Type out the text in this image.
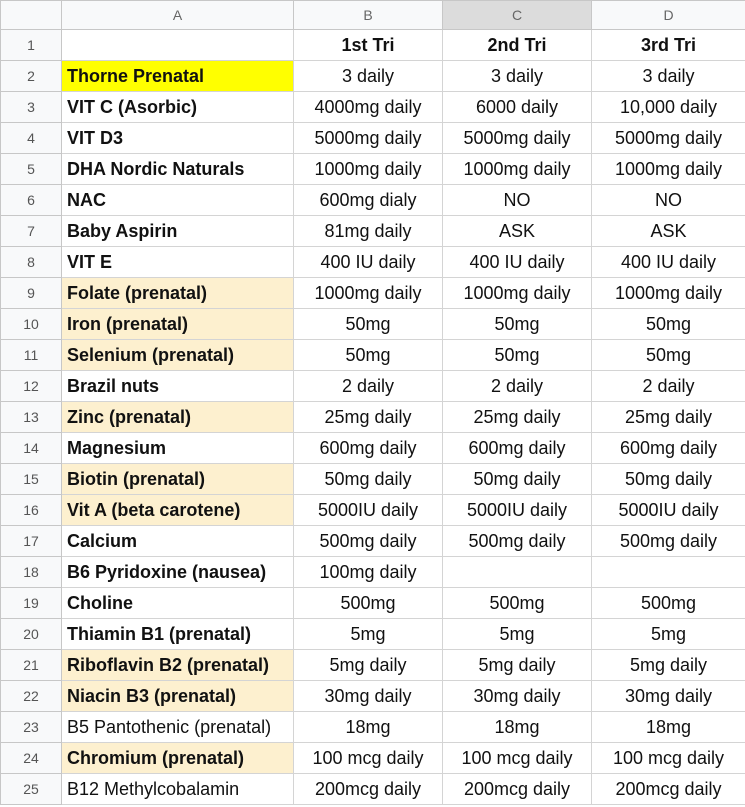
	A	B	C	D
1		1st Tri	2nd Tri	3rd Tri
2	Thorne Prenatal	3 daily	3 daily	3 daily
3	VIT C (Asorbic)	4000mg daily	6000 daily	10,000 daily
4	VIT D3	5000mg daily	5000mg daily	5000mg daily
5	DHA Nordic Naturals	1000mg daily	1000mg daily	1000mg daily
6	NAC	600mg dialy	NO	NO
7	Baby Aspirin	81mg daily	ASK	ASK
8	VIT E	400 IU daily	400 IU daily	400 IU daily
9	Folate (prenatal)	1000mg daily	1000mg daily	1000mg daily
10	Iron (prenatal)	50mg	50mg	50mg
11	Selenium (prenatal)	50mg	50mg	50mg
12	Brazil nuts	2 daily	2 daily	2 daily
13	Zinc (prenatal)	25mg daily	25mg daily	25mg daily
14	Magnesium	600mg daily	600mg daily	600mg daily
15	Biotin (prenatal)	50mg daily	50mg daily	50mg daily
16	Vit A (beta carotene)	5000IU daily	5000IU daily	5000IU daily
17	Calcium	500mg daily	500mg daily	500mg daily
18	B6 Pyridoxine (nausea)	100mg daily		
19	Choline	500mg	500mg	500mg
20	Thiamin B1 (prenatal)	5mg	5mg	5mg
21	Riboflavin B2 (prenatal)	5mg daily	5mg daily	5mg daily
22	Niacin B3 (prenatal)	30mg daily	30mg daily	30mg daily
23	B5 Pantothenic (prenatal)	18mg	18mg	18mg
24	Chromium (prenatal)	100 mcg daily	100 mcg daily	100 mcg daily
25	B12 Methylcobalamin	200mcg daily	200mcg daily	200mcg daily
